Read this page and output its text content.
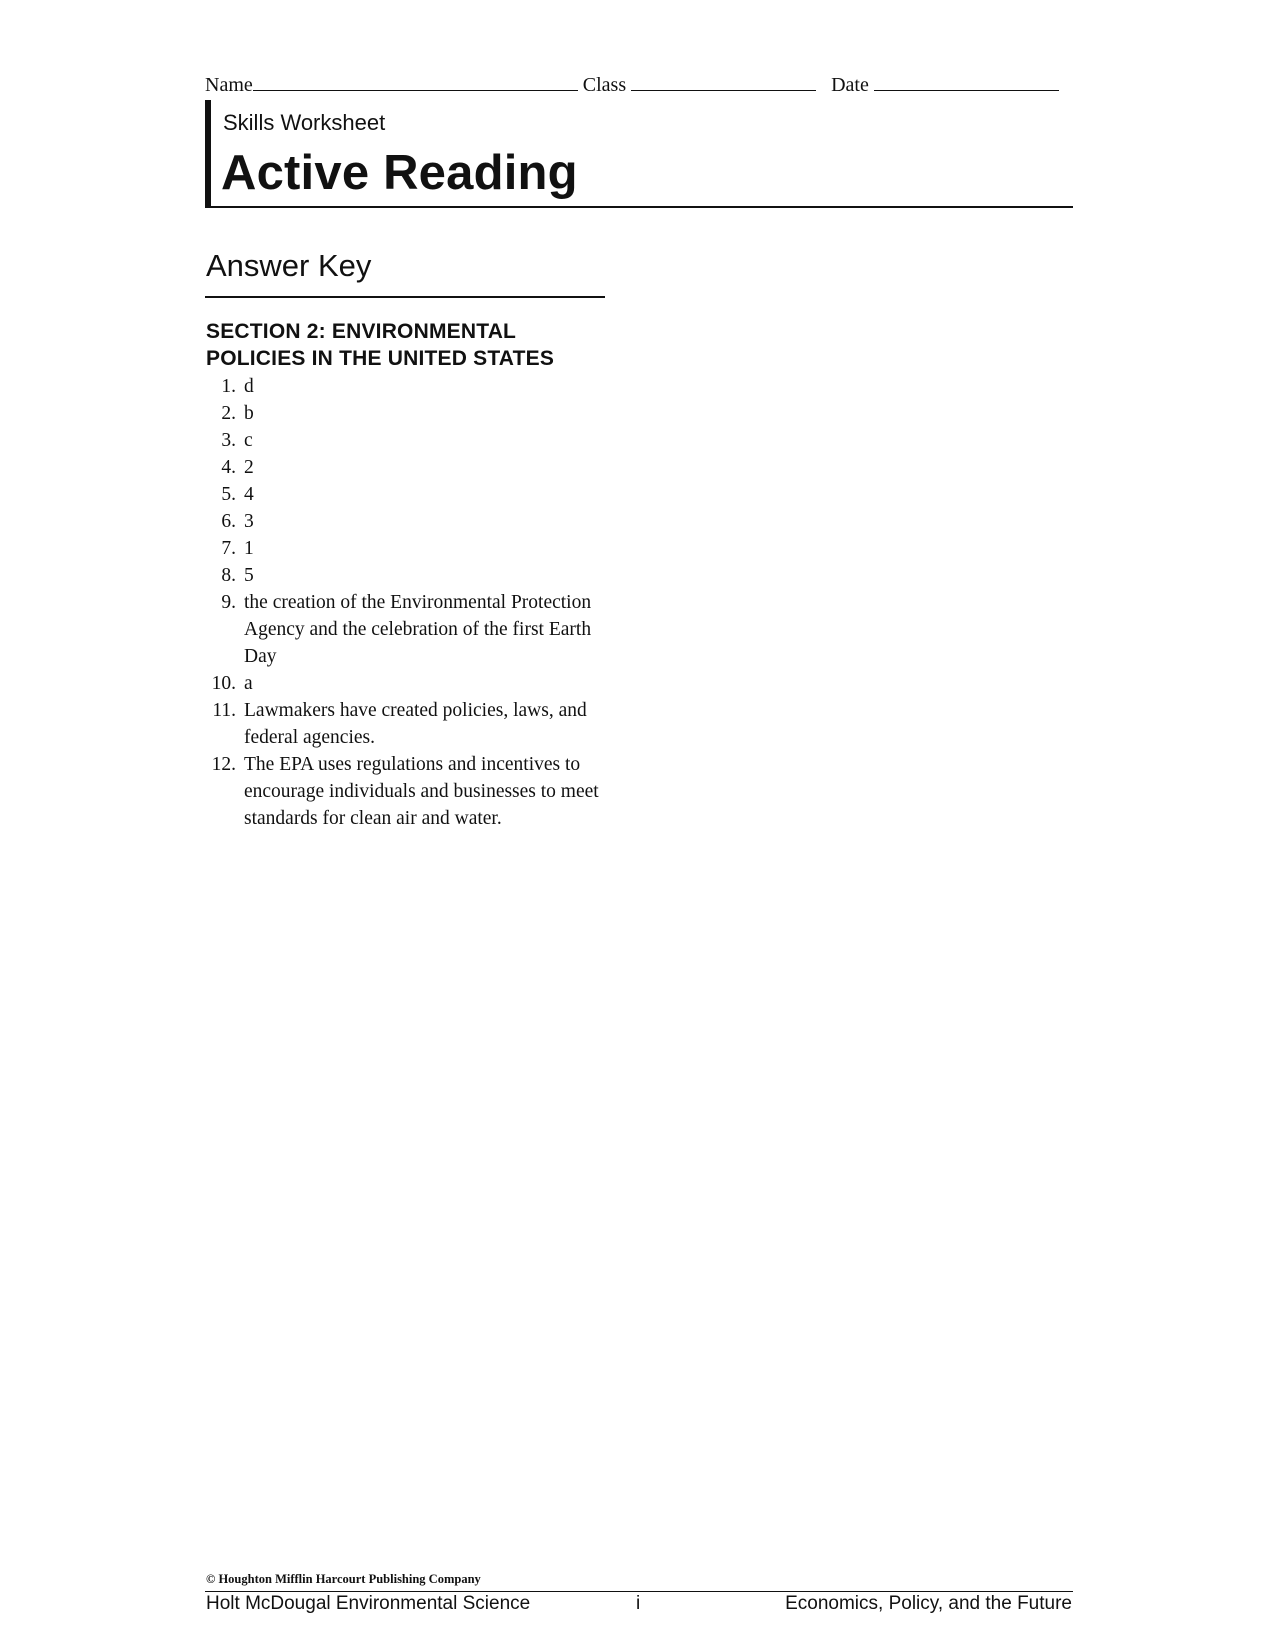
Name	Class	Date
Skills Worksheet
Active Reading
Answer Key
SECTION 2: ENVIRONMENTAL
POLICIES IN THE UNITED STATES
1. d
2. b
3. c
4. 2
5. 4
6. 3
7. 1
8. 5
9. the creation of the Environmental Protection Agency and the celebration of the first Earth Day
10. a
11. Lawmakers have created policies, laws, and federal agencies.
12. The EPA uses regulations and incentives to encourage individuals and businesses to meet standards for clean air and water.
© Houghton Mifflin Harcourt Publishing Company
Holt McDougal Environmental Science	i	Economics, Policy, and the Future
